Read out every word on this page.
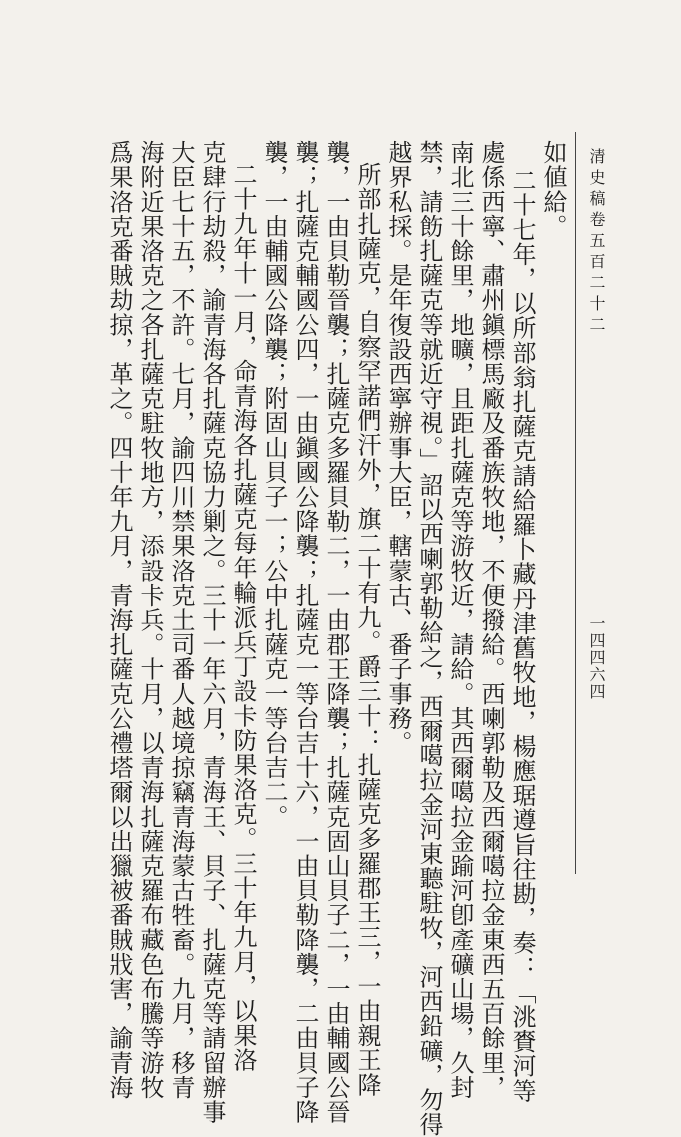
清史稿卷五百二十二
一四四六四
如値給。
二十七年，以所部翁扎薩克請給羅卜藏丹津舊牧地，楊應琚遵旨往勘，奏：「洮賚河等
處係西寧、肅州鎭標馬廠及番族牧地，不便撥給。西喇郭勒及西爾噶拉金東西五百餘里，
南北三十餘里，地曠，且距扎薩克等游牧近，請給。其西爾噶拉金踰河卽產礦山場，久封
禁，請飭扎薩克等就近守視。」詔以西喇郭勒給之，西爾噶拉金河東聽駐牧，河西鉛礦，勿得
越界私採。是年復設西寧辦事大臣，轄蒙古、番子事務。
所部扎薩克，自察罕諾們汗外，旗二十有九。爵三十：扎薩克多羅郡王三，一由親王降
襲，一由貝勒晉襲；扎薩克多羅貝勒二，一由郡王降襲；扎薩克固山貝子二，一由輔國公晉
襲；扎薩克輔國公四，一由鎭國公降襲；扎薩克一等台吉十六，一由貝勒降襲，二由貝子降
襲，一由輔國公降襲；附固山貝子一；公中扎薩克一等台吉二。
二十九年十一月，命青海各扎薩克每年輪派兵丁設卡防果洛克。三十年九月，以果洛
克肆行劫殺，諭青海各扎薩克協力剿之。三十一年六月，青海王、貝子、扎薩克等請留辦事
大臣七十五，不許。七月，諭四川禁果洛克土司番人越境掠竊青海蒙古牲畜。九月，移青
海附近果洛克之各扎薩克駐牧地方，添設卡兵。十月，以青海扎薩克羅布藏色布騰等游牧
爲果洛克番賊劫掠，革之。四十年九月，青海扎薩克公禮塔爾以出獵被番賊戕害，諭青海
